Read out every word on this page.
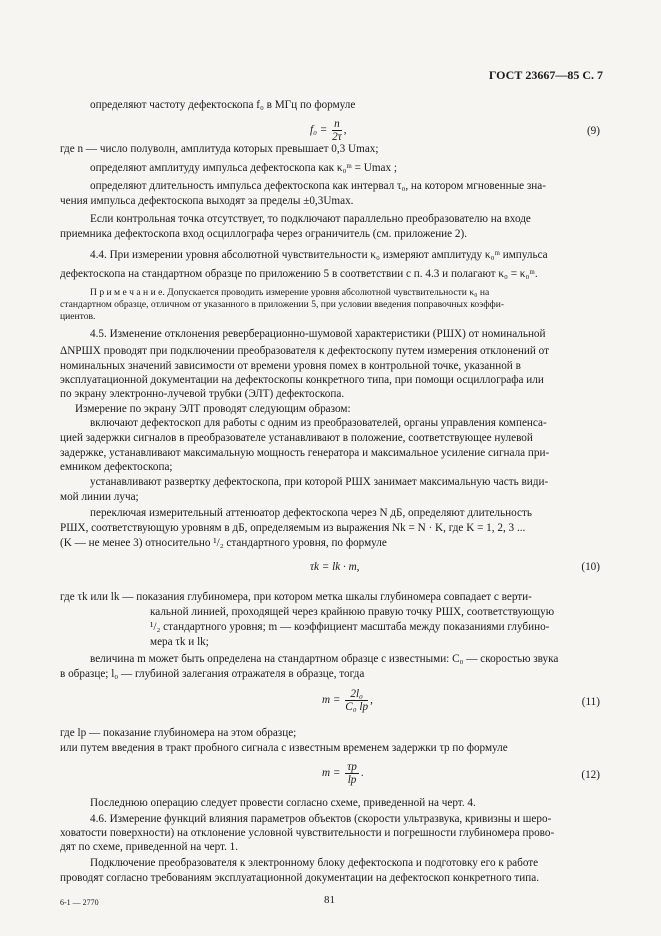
ГОСТ 23667—85 С. 7
определяют частоту дефектоскопа f₀ в МГц по формуле
$f_0 = \frac{n}{2\tau}$ ,	(9)
где n — число полуволн, амплитуда которых превышает 0,3 Umax;
определяют амплитуду импульса дефектоскопа как κ₀ᵐ = Umax ;
определяют длительность импульса дефектоскопа как интервал τ₀, на котором мгновенные зна-
чения импульса дефектоскопа выходят за пределы ±0,3Umax.
Если контрольная точка отсутствует, то подключают параллельно преобразователю на входе
приемника дефектоскопа вход осциллографа через ограничитель (см. приложение 2).
4.4. При измерении уровня абсолютной чувствительности κ₀ измеряют амплитуду κ₀ᵐ импульса
дефектоскопа на стандартном образце по приложению 5 в соответствии с п. 4.3 и полагают κ₀ = κ₀ᵐ.
П р и м е ч а н и е. Допускается проводить измерение уровня абсолютной чувствительности κ₀ на
стандартном образце, отличном от указанного в приложении 5, при условии введения поправочных коэффи-
циентов.
4.5. Изменение отклонения реверберационно-шумовой характеристики (РШХ) от номинальной
ΔNРШХ проводят при подключении преобразователя к дефектоскопу путем измерения отклонений от
номинальных значений зависимости от времени уровня помех в контрольной точке, указанной в
эксплуатационной документации на дефектоскопы конкретного типа, при помощи осциллографа или
по экрану электронно-лучевой трубки (ЭЛТ) дефектоскопа.
Измерение по экрану ЭЛТ проводят следующим образом:
включают дефектоскоп для работы с одним из преобразователей, органы управления компенса-
цией задержки сигналов в преобразователе устанавливают в положение, соответствующее нулевой
задержке, устанавливают максимальную мощность генератора и максимальное усиление сигнала при-
емником дефектоскопа;
устанавливают развертку дефектоскопа, при которой РШХ занимает максимальную часть види-
мой линии луча;
переключая измерительный аттенюатор дефектоскопа через N дБ, определяют длительность
РШХ, соответствующую уровням в дБ, определяемым из выражения Nk = N · K, где K = 1, 2, 3 ...
(K — не менее 3) относительно ¹/₂ стандартного уровня, по формуле
τk = lk · m,	(10)
где τk или lk — показания глубиномера, при котором метка шкалы глубиномера совпадает с верти-
кальной линией, проходящей через крайнюю правую точку РШХ, соответствующую
¹/₂ стандартного уровня; m — коэффициент масштаба между показаниями глубино-
мера τk и lk;
величина m может быть определена на стандартном образце с известными: C₀ — скоростью звука
в образце; l₀ — глубиной залегания отражателя в образце, тогда
$m = \frac{\text{2l₀}}{\text{C₀ lp}}$ ,	(11)
где lp — показание глубиномера на этом образце;
или путем введения в тракт пробного сигнала с известным временем задержки τp по формуле
$m = \frac{\tau p}{lp}$ .	(12)
Последнюю операцию следует провести согласно схеме, приведенной на черт. 4.
4.6. Измерение функций влияния параметров объектов (скорости ультразвука, кривизны и шеро-
ховатости поверхности) на отклонение условной чувствительности и погрешности глубиномера прово-
дят по схеме, приведенной на черт. 1.
Подключение преобразователя к электронному блоку дефектоскопа и подготовку его к работе
проводят согласно требованиям эксплуатационной документации на дефектоскоп конкретного типа.
6-1 — 2770	81
